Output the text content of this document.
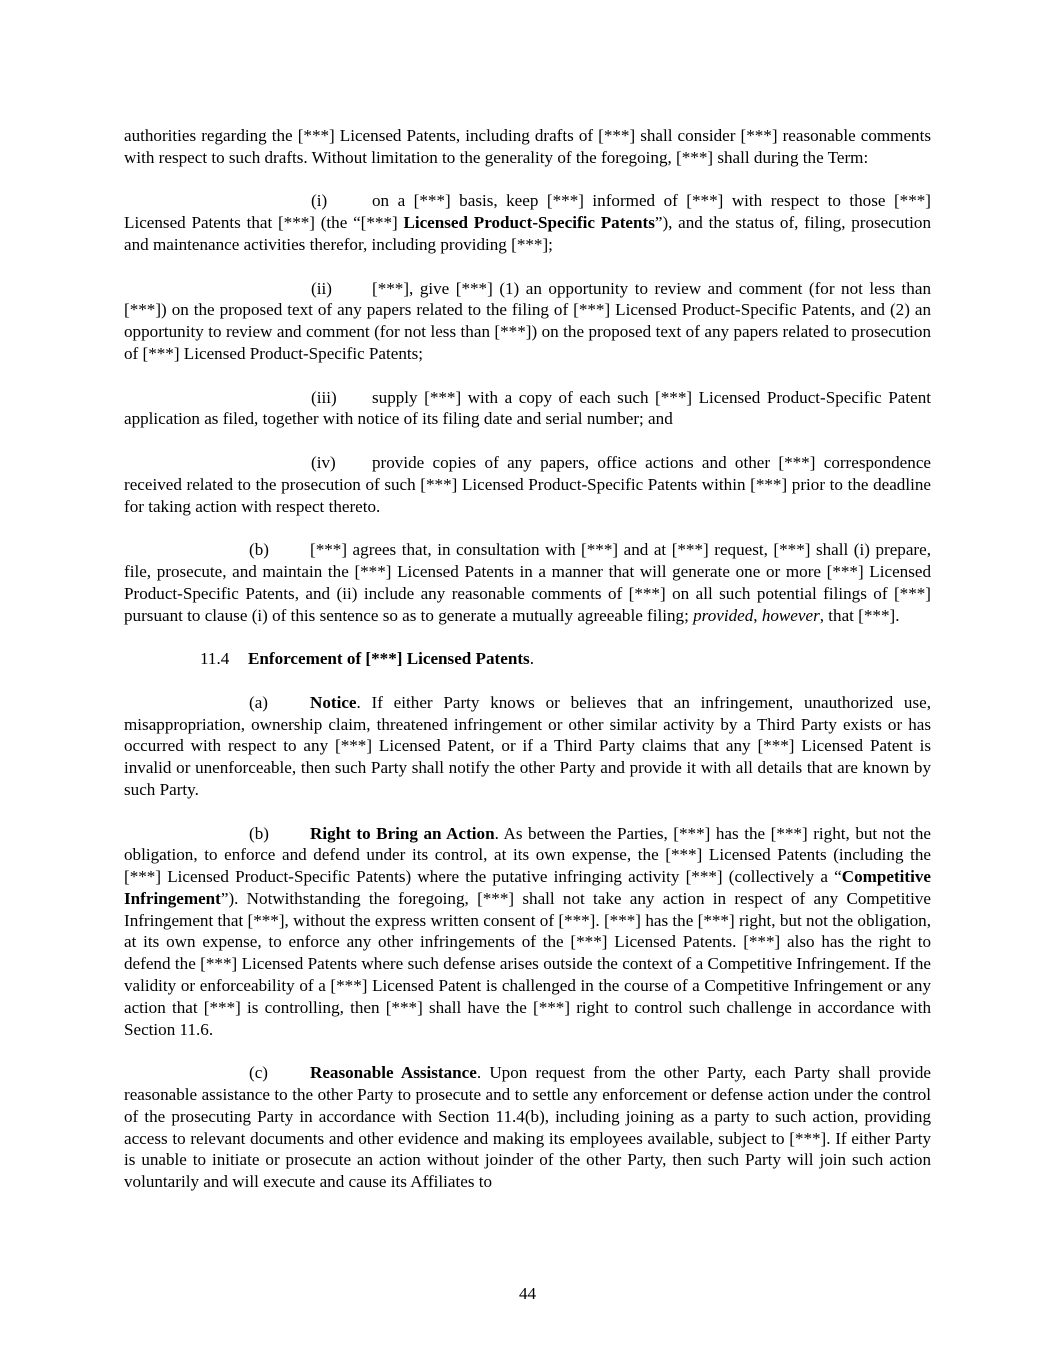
authorities regarding the [***] Licensed Patents, including drafts of [***] shall consider [***] reasonable comments with respect to such drafts. Without limitation to the generality of the foregoing, [***] shall during the Term:

(i)	on a [***] basis, keep [***] informed of [***] with respect to those [***] Licensed Patents that [***] (the “[***] Licensed Product-Specific Patents”), and the status of, filing, prosecution and maintenance activities therefor, including providing [***];

(ii) [***], give [***] (1) an opportunity to review and comment (for not less than [***]) on the proposed text of any papers related to the filing of [***] Licensed Product-Specific Patents, and (2) an opportunity to review and comment (for not less than [***]) on the proposed text of any papers related to prosecution of [***] Licensed Product-Specific Patents;

(iii) supply [***] with a copy of each such [***] Licensed Product-Specific Patent application as filed, together with notice of its filing date and serial number; and

(iv) provide copies of any papers, office actions and other [***] correspondence received related to the prosecution of such [***] Licensed Product-Specific Patents within [***] prior to the deadline for taking action with respect thereto.

(b) [***] agrees that, in consultation with [***] and at [***] request, [***] shall (i) prepare, file, prosecute, and maintain the [***] Licensed Patents in a manner that will generate one or more [***] Licensed Product-Specific Patents, and (ii) include any reasonable comments of [***] on all such potential filings of [***] pursuant to clause (i) of this sentence so as to generate a mutually agreeable filing; provided, however, that [***].

11.4 Enforcement of [***] Licensed Patents.

(a) Notice. If either Party knows or believes that an infringement, unauthorized use, misappropriation, ownership claim, threatened infringement or other similar activity by a Third Party exists or has occurred with respect to any [***] Licensed Patent, or if a Third Party claims that any [***] Licensed Patent is invalid or unenforceable, then such Party shall notify the other Party and provide it with all details that are known by such Party.

(b) Right to Bring an Action. As between the Parties, [***] has the [***] right, but not the obligation, to enforce and defend under its control, at its own expense, the [***] Licensed Patents (including the [***] Licensed Product-Specific Patents) where the putative infringing activity [***] (collectively a “Competitive Infringement”). Notwithstanding the foregoing, [***] shall not take any action in respect of any Competitive Infringement that [***], without the express written consent of [***]. [***] has the [***] right, but not the obligation, at its own expense, to enforce any other infringements of the [***] Licensed Patents. [***] also has the right to defend the [***] Licensed Patents where such defense arises outside the context of a Competitive Infringement. If the validity or enforceability of a [***] Licensed Patent is challenged in the course of a Competitive Infringement or any action that [***] is controlling, then [***] shall have the [***] right to control such challenge in accordance with Section 11.6.

(c) Reasonable Assistance. Upon request from the other Party, each Party shall provide reasonable assistance to the other Party to prosecute and to settle any enforcement or defense action under the control of the prosecuting Party in accordance with Section 11.4(b), including joining as a party to such action, providing access to relevant documents and other evidence and making its employees available, subject to [***]. If either Party is unable to initiate or prosecute an action without joinder of the other Party, then such Party will join such action voluntarily and will execute and cause its Affiliates to

44
